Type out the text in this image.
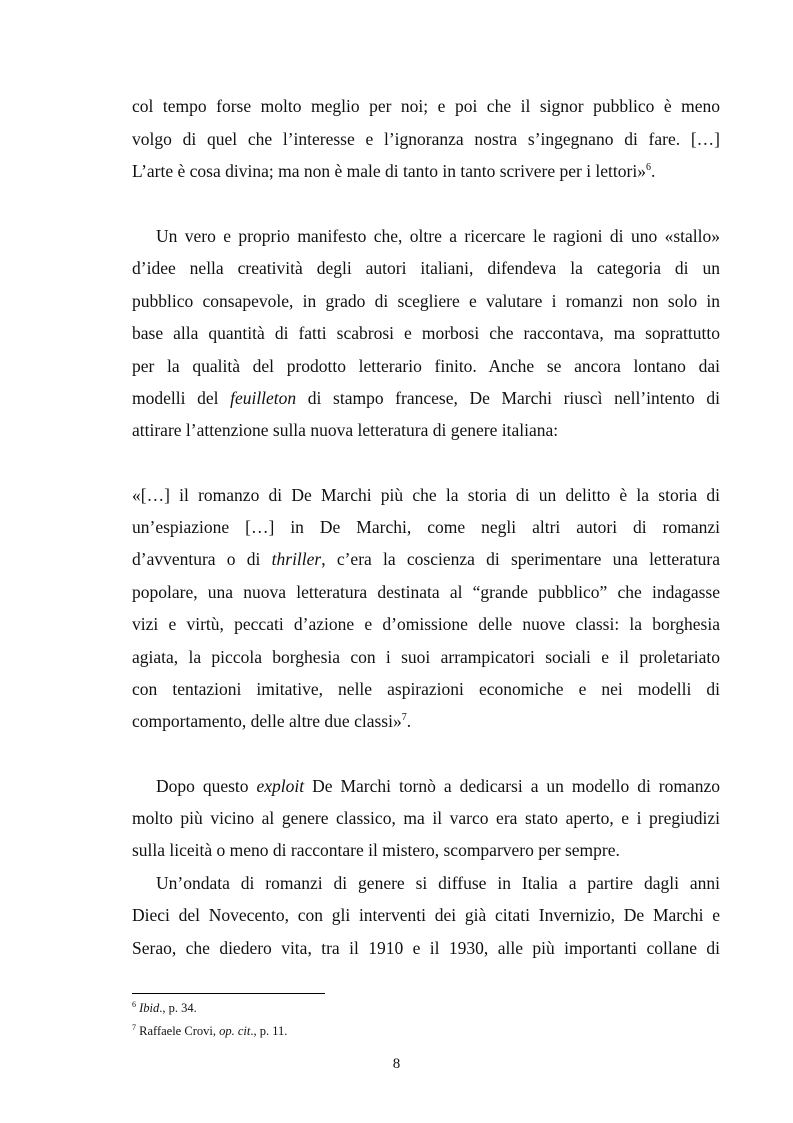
col tempo forse molto meglio per noi; e poi che il signor pubblico è meno
volgo di quel che l’interesse e l’ignoranza nostra s’ingegnano di fare. […]
L’arte è cosa divina; ma non è male di tanto in tanto scrivere per i lettori»$^6$.
Un vero e proprio manifesto che, oltre a ricercare le ragioni di uno «stallo»
d’idee nella creatività degli autori italiani, difendeva la categoria di un
pubblico consapevole, in grado di scegliere e valutare i romanzi non solo in
base alla quantità di fatti scabrosi e morbosi che raccontava, ma soprattutto
per la qualità del prodotto letterario finito. Anche se ancora lontano dai
modelli del feuilleton di stampo francese, De Marchi riuscì nell’intento di
attirare l’attenzione sulla nuova letteratura di genere italiana:
«[…] il romanzo di De Marchi più che la storia di un delitto è la storia di
un’espiazione […] in De Marchi, come negli altri autori di romanzi
d’avventura o di thriller, c’era la coscienza di sperimentare una letteratura
popolare, una nuova letteratura destinata al “grande pubblico” che indagasse
vizi e virtù, peccati d’azione e d’omissione delle nuove classi: la borghesia
agiata, la piccola borghesia con i suoi arrampicatori sociali e il proletariato
con tentazioni imitative, nelle aspirazioni economiche e nei modelli di
comportamento, delle altre due classi»$^7$.
Dopo questo exploit De Marchi tornò a dedicarsi a un modello di romanzo
molto più vicino al genere classico, ma il varco era stato aperto, e i pregiudizi
sulla liceità o meno di raccontare il mistero, scomparvero per sempre.
Un’ondata di romanzi di genere si diffuse in Italia a partire dagli anni
Dieci del Novecento, con gli interventi dei già citati Invernizio, De Marchi e
Serao, che diedero vita, tra il 1910 e il 1930, alle più importanti collane di
$^6$ Ibid., p. 34.
$^7$ Raffaele Crovi, op. cit., p. 11.
8
